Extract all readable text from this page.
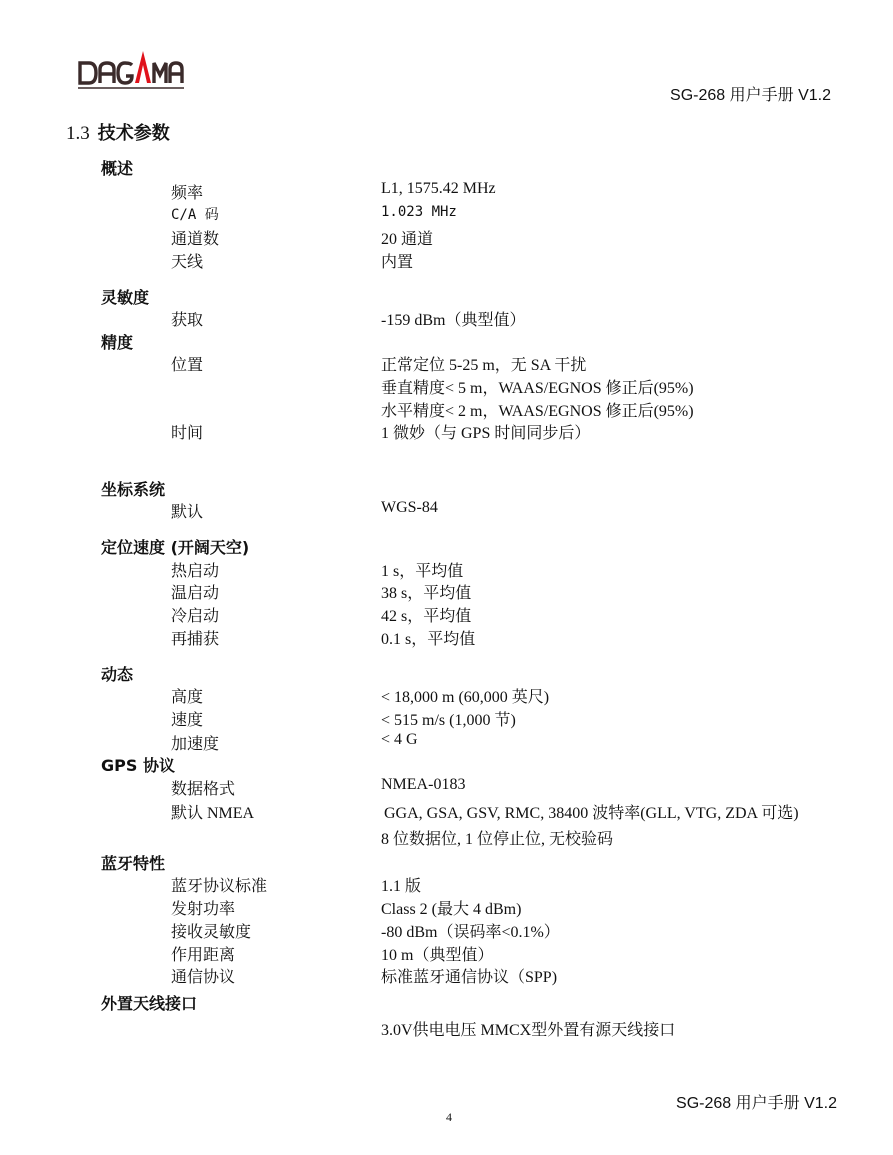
SG-268 用户手册 V1.2
1.3 技术参数
概述
频率	L1, 1575.42 MHz
C/A 码	1.023 MHz
通道数	20 通道
天线	内置
灵敏度
获取	-159 dBm（典型值）
精度
位置	正常定位 5-25 m，无 SA 干扰
垂直精度< 5 m，WAAS/EGNOS 修正后(95%)
水平精度< 2 m，WAAS/EGNOS 修正后(95%)
时间	1 微妙（与 GPS 时间同步后）
坐标系统
默认	WGS-84
定位速度 (开阔天空)
热启动	1 s，平均值
温启动	38 s，平均值
冷启动	42 s，平均值
再捕获	0.1 s，平均值
动态
高度	< 18,000 m (60,000 英尺)
速度	< 515 m/s (1,000 节)
加速度	< 4 G
GPS 协议
数据格式	NMEA-0183
默认 NMEA	GGA, GSA, GSV, RMC, 38400 波特率(GLL, VTG, ZDA 可选)
8 位数据位, 1 位停止位, 无校验码
蓝牙特性
蓝牙协议标准	1.1 版
发射功率	Class 2 (最大 4 dBm)
接收灵敏度	-80 dBm（误码率<0.1%）
作用距离	10 m（典型值）
通信协议	标准蓝牙通信协议（SPP)
外置天线接口
3.0V供电电压 MMCX型外置有源天线接口
SG-268 用户手册 V1.2
4
